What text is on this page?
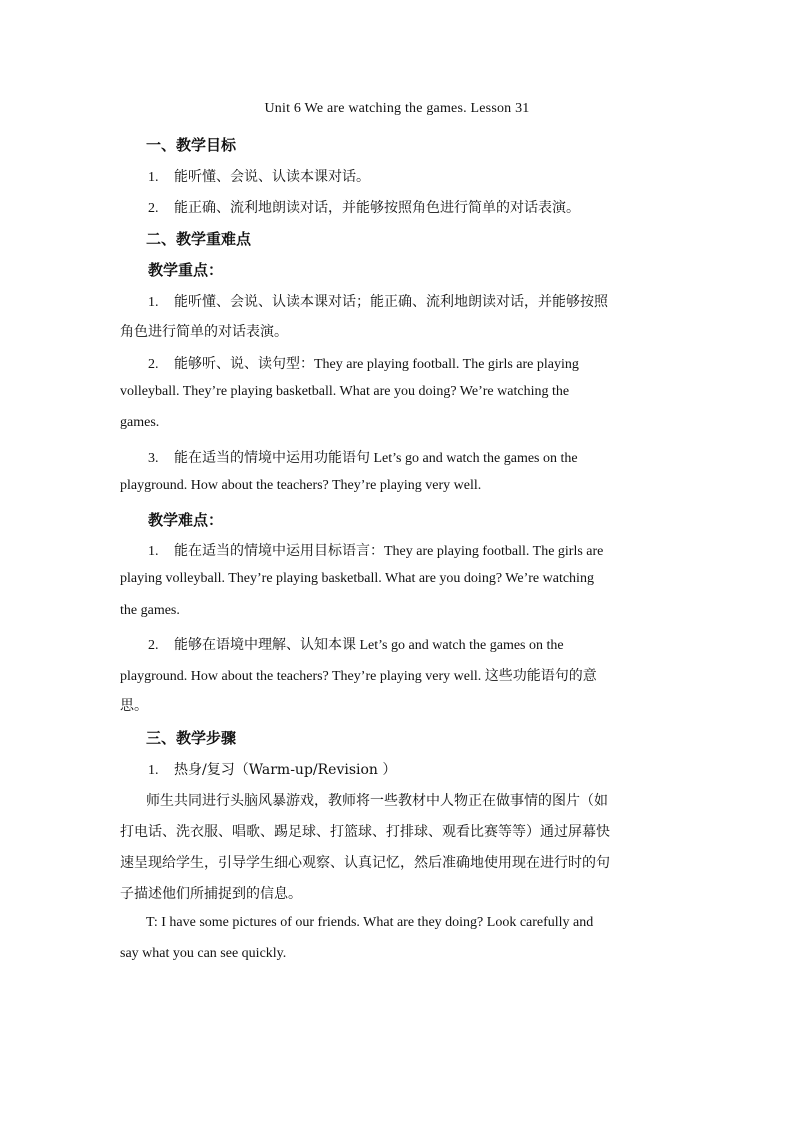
Unit 6 We are watching the games. Lesson 31
一、教学目标
1. 能听懂、会说、认读本课对话。
2. 能正确、流利地朗读对话，并能够按照角色进行简单的对话表演。
二、教学重难点
教学重点：
1. 能听懂、会说、认读本课对话；能正确、流利地朗读对话，并能够按照
角色进行简单的对话表演。
2. 能够听、说、读句型：They are playing football. The girls are playing
volleyball. They’re playing basketball. What are you doing? We’re watching the
games.
3. 能在适当的情境中运用功能语句 Let’s go and watch the games on the
playground. How about the teachers? They’re playing very well.
教学难点：
1. 能在适当的情境中运用目标语言：They are playing football. The girls are
playing volleyball. They’re playing basketball. What are you doing? We’re watching
the games.
2. 能够在语境中理解、认知本课 Let’s go and watch the games on the
playground. How about the teachers? They’re playing very well. 这些功能语句的意
思。
三、教学步骤
1. 热身/复习（Warm-up/Revision ）
师生共同进行头脑风暴游戏，教师将一些教材中人物正在做事情的图片（如
打电话、洗衣服、唱歌、踢足球、打篮球、打排球、观看比赛等等）通过屏幕快
速呈现给学生，引导学生细心观察、认真记忆，然后准确地使用现在进行时的句
子描述他们所捕捉到的信息。
T: I have some pictures of our friends. What are they doing? Look carefully and
say what you can see quickly.
